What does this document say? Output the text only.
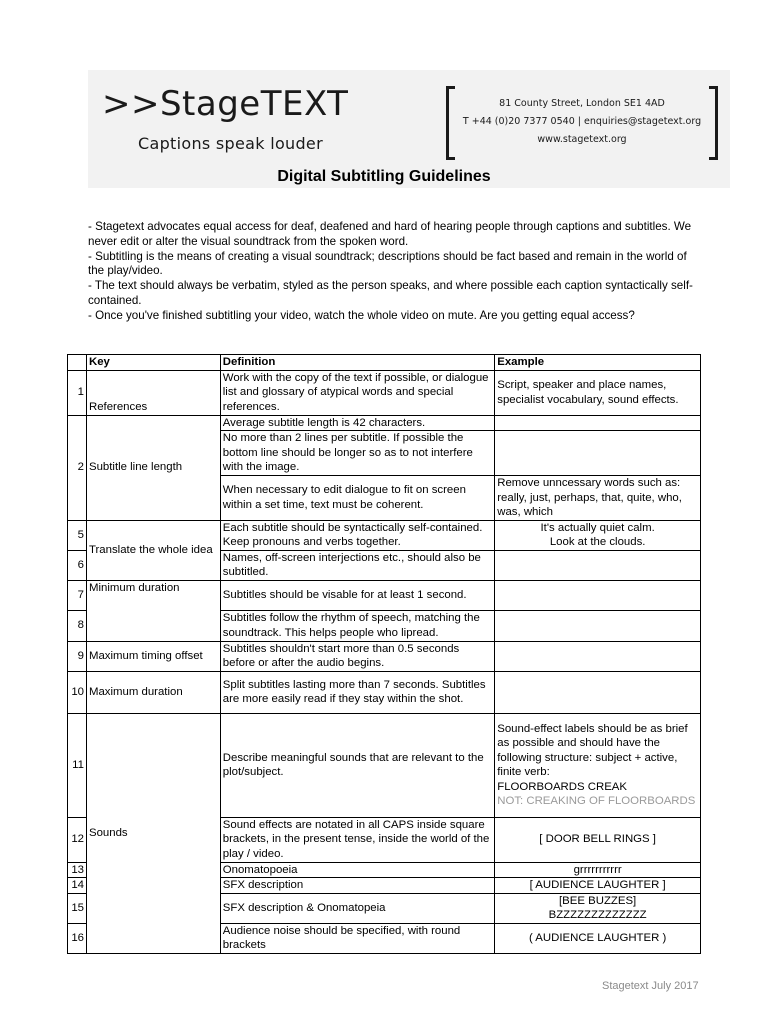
>>StageTEXT
Captions speak louder
81 County Street, London SE1 4AD
T +44 (0)20 7377 0540 | enquiries@stagetext.org
www.stagetext.org
Digital Subtitling Guidelines

- Stagetext advocates equal access for deaf, deafened and hard of hearing people through captions and subtitles. We never edit or alter the visual soundtrack from the spoken word.

- Subtitling is the means of creating a visual soundtrack; descriptions should be fact based and remain in the world of the play/video.

- The text should always be verbatim, styled as the person speaks, and where possible each caption syntactically self-contained.

- Once you've finished subtitling your video, watch the whole video on mute. Are you getting equal access?

	Key	Definition	Example
1	References	Work with the copy of the text if possible, or dialogue list and glossary of atypical words and special references.	Script, speaker and place names, specialist vocabulary, sound effects.
2	Subtitle line length	Average subtitle length is 42 characters.	
		No more than 2 lines per subtitle. If possible the bottom line should be longer so as to not interfere with the image.	
		When necessary to edit dialogue to fit on screen within a set time, text must be coherent.	Remove unncessary words such as: really, just, perhaps, that, quite, who, was, which
5	Translate the whole idea	Each subtitle should be syntactically self-contained. Keep pronouns and verbs together.	It's actually quiet calm.
Look at the clouds.

6		Names, off-screen interjections etc., should also be subtitled.	
7	Minimum duration	Subtitles should be visable for at least 1 second.	
8		Subtitles follow the rhythm of speech, matching the soundtrack. This helps people who lipread.	
9	Maximum timing offset	Subtitles shouldn't start more than 0.5 seconds before or after the audio begins.	
10	Maximum duration	Split subtitles lasting more than 7 seconds. Subtitles are more easily read if they stay within the shot.	
11	Sounds	Describe meaningful sounds that are relevant to the plot/subject.	Sound-effect labels should be as brief as possible and should have the following structure: subject + active, finite verb:
FLOORBOARDS CREAK
NOT: CREAKING OF FLOORBOARDS

12		Sound effects are notated in all CAPS inside square brackets, in the present tense, inside the world of the play / video.	[ DOOR BELL RINGS ]
13		Onomatopoeia	grrrrrrrrrrr
14		SFX description	[ AUDIENCE LAUGHTER ]
15		SFX description & Onomatopeia	[BEE BUZZES]
BZZZZZZZZZZZZZ

16		Audience noise should be specified, with round brackets	( AUDIENCE LAUGHTER )
Stagetext July 2017
